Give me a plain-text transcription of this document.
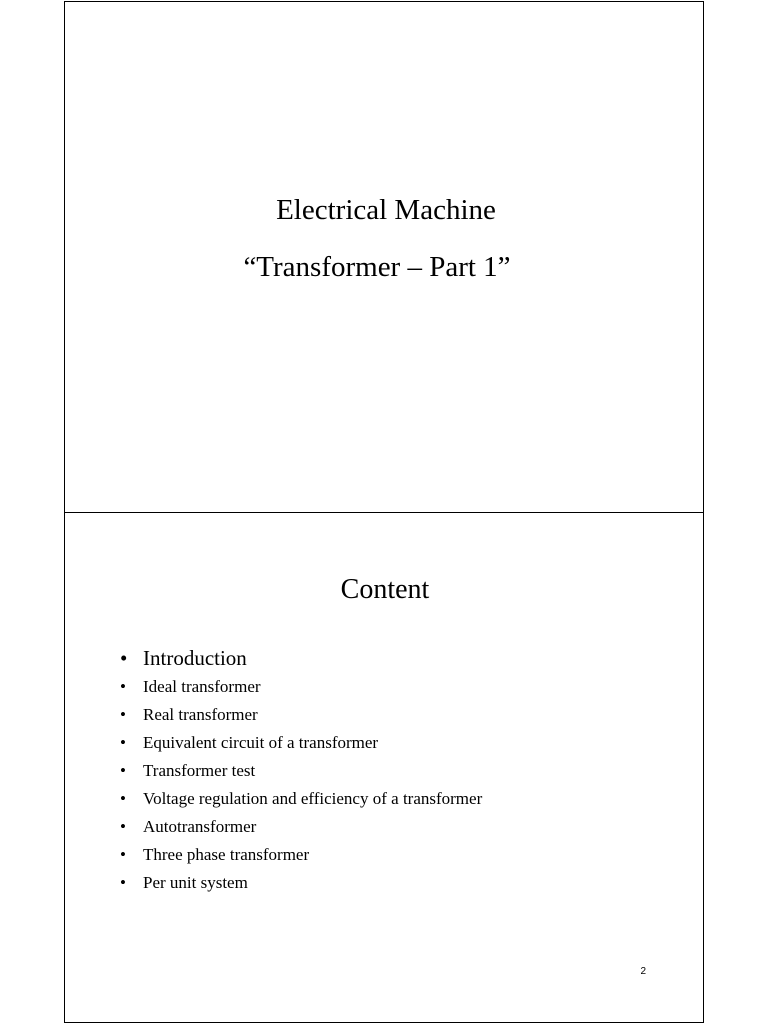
Electrical Machine
“Transformer – Part 1”
Content
• Introduction
• Ideal transformer
• Real transformer
• Equivalent circuit of a transformer
• Transformer test
• Voltage regulation and efficiency of a transformer
• Autotransformer
• Three phase transformer
• Per unit system
2
